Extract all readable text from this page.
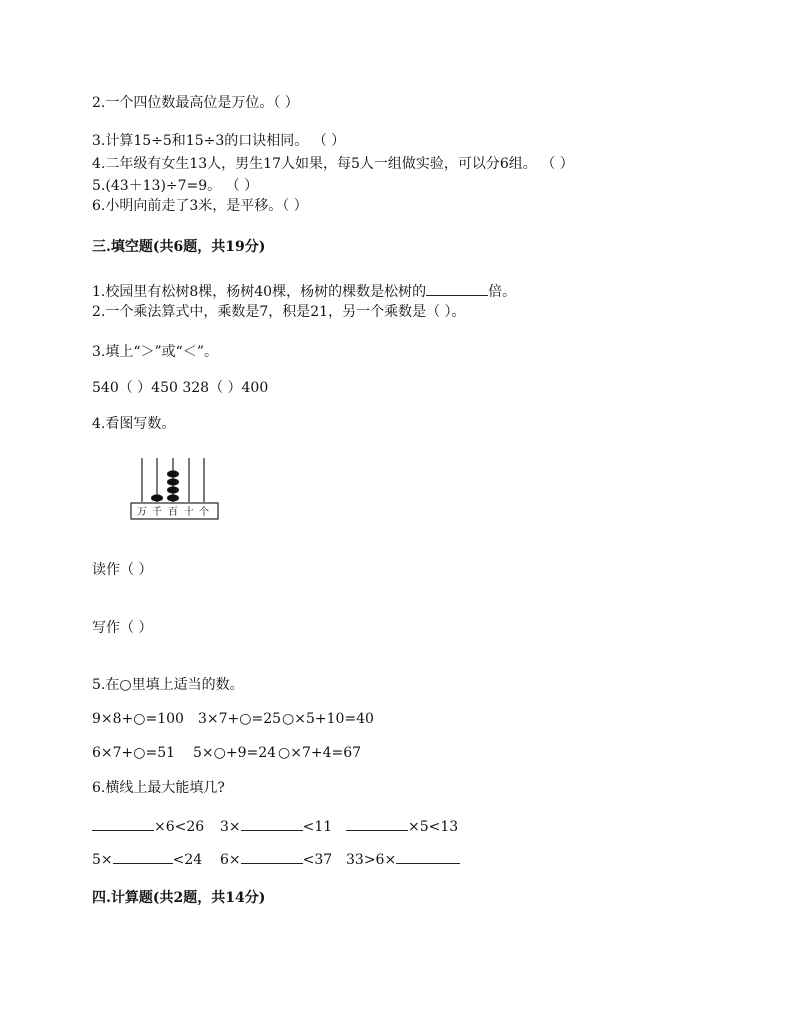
2.一个四位数最高位是万位。（ ）
3.计算15÷5和15÷3的口诀相同。 （ ）
4.二年级有女生13人，男生17人如果，每5人一组做实验，可以分6组。 （ ）
5.(43＋13)÷7=9。 （ ）
6.小明向前走了3米，是平移。（ ）
三.填空题(共6题，共19分)
1.校园里有松树8棵，杨树40棵，杨树的棵数是松树的	倍。
2.一个乘法算式中，乘数是7，积是21，另一个乘数是（ ）。
3.填上“＞”或“＜”。
540（ ）450 328（ ）400
4.看图写数。
万 千 百 十 个
读作（ ）
写作（ ）
5.在○里填上适当的数。
9×8+○=100 3×7+○=25 ○×5+10=40
6×7+○=51 5×○+9=24 ○×7+4=67
6.横线上最大能填几?
×6<26 3×	<11	×5<13
5×	<24 6×	<37 33>6×
四.计算题(共2题，共14分)
